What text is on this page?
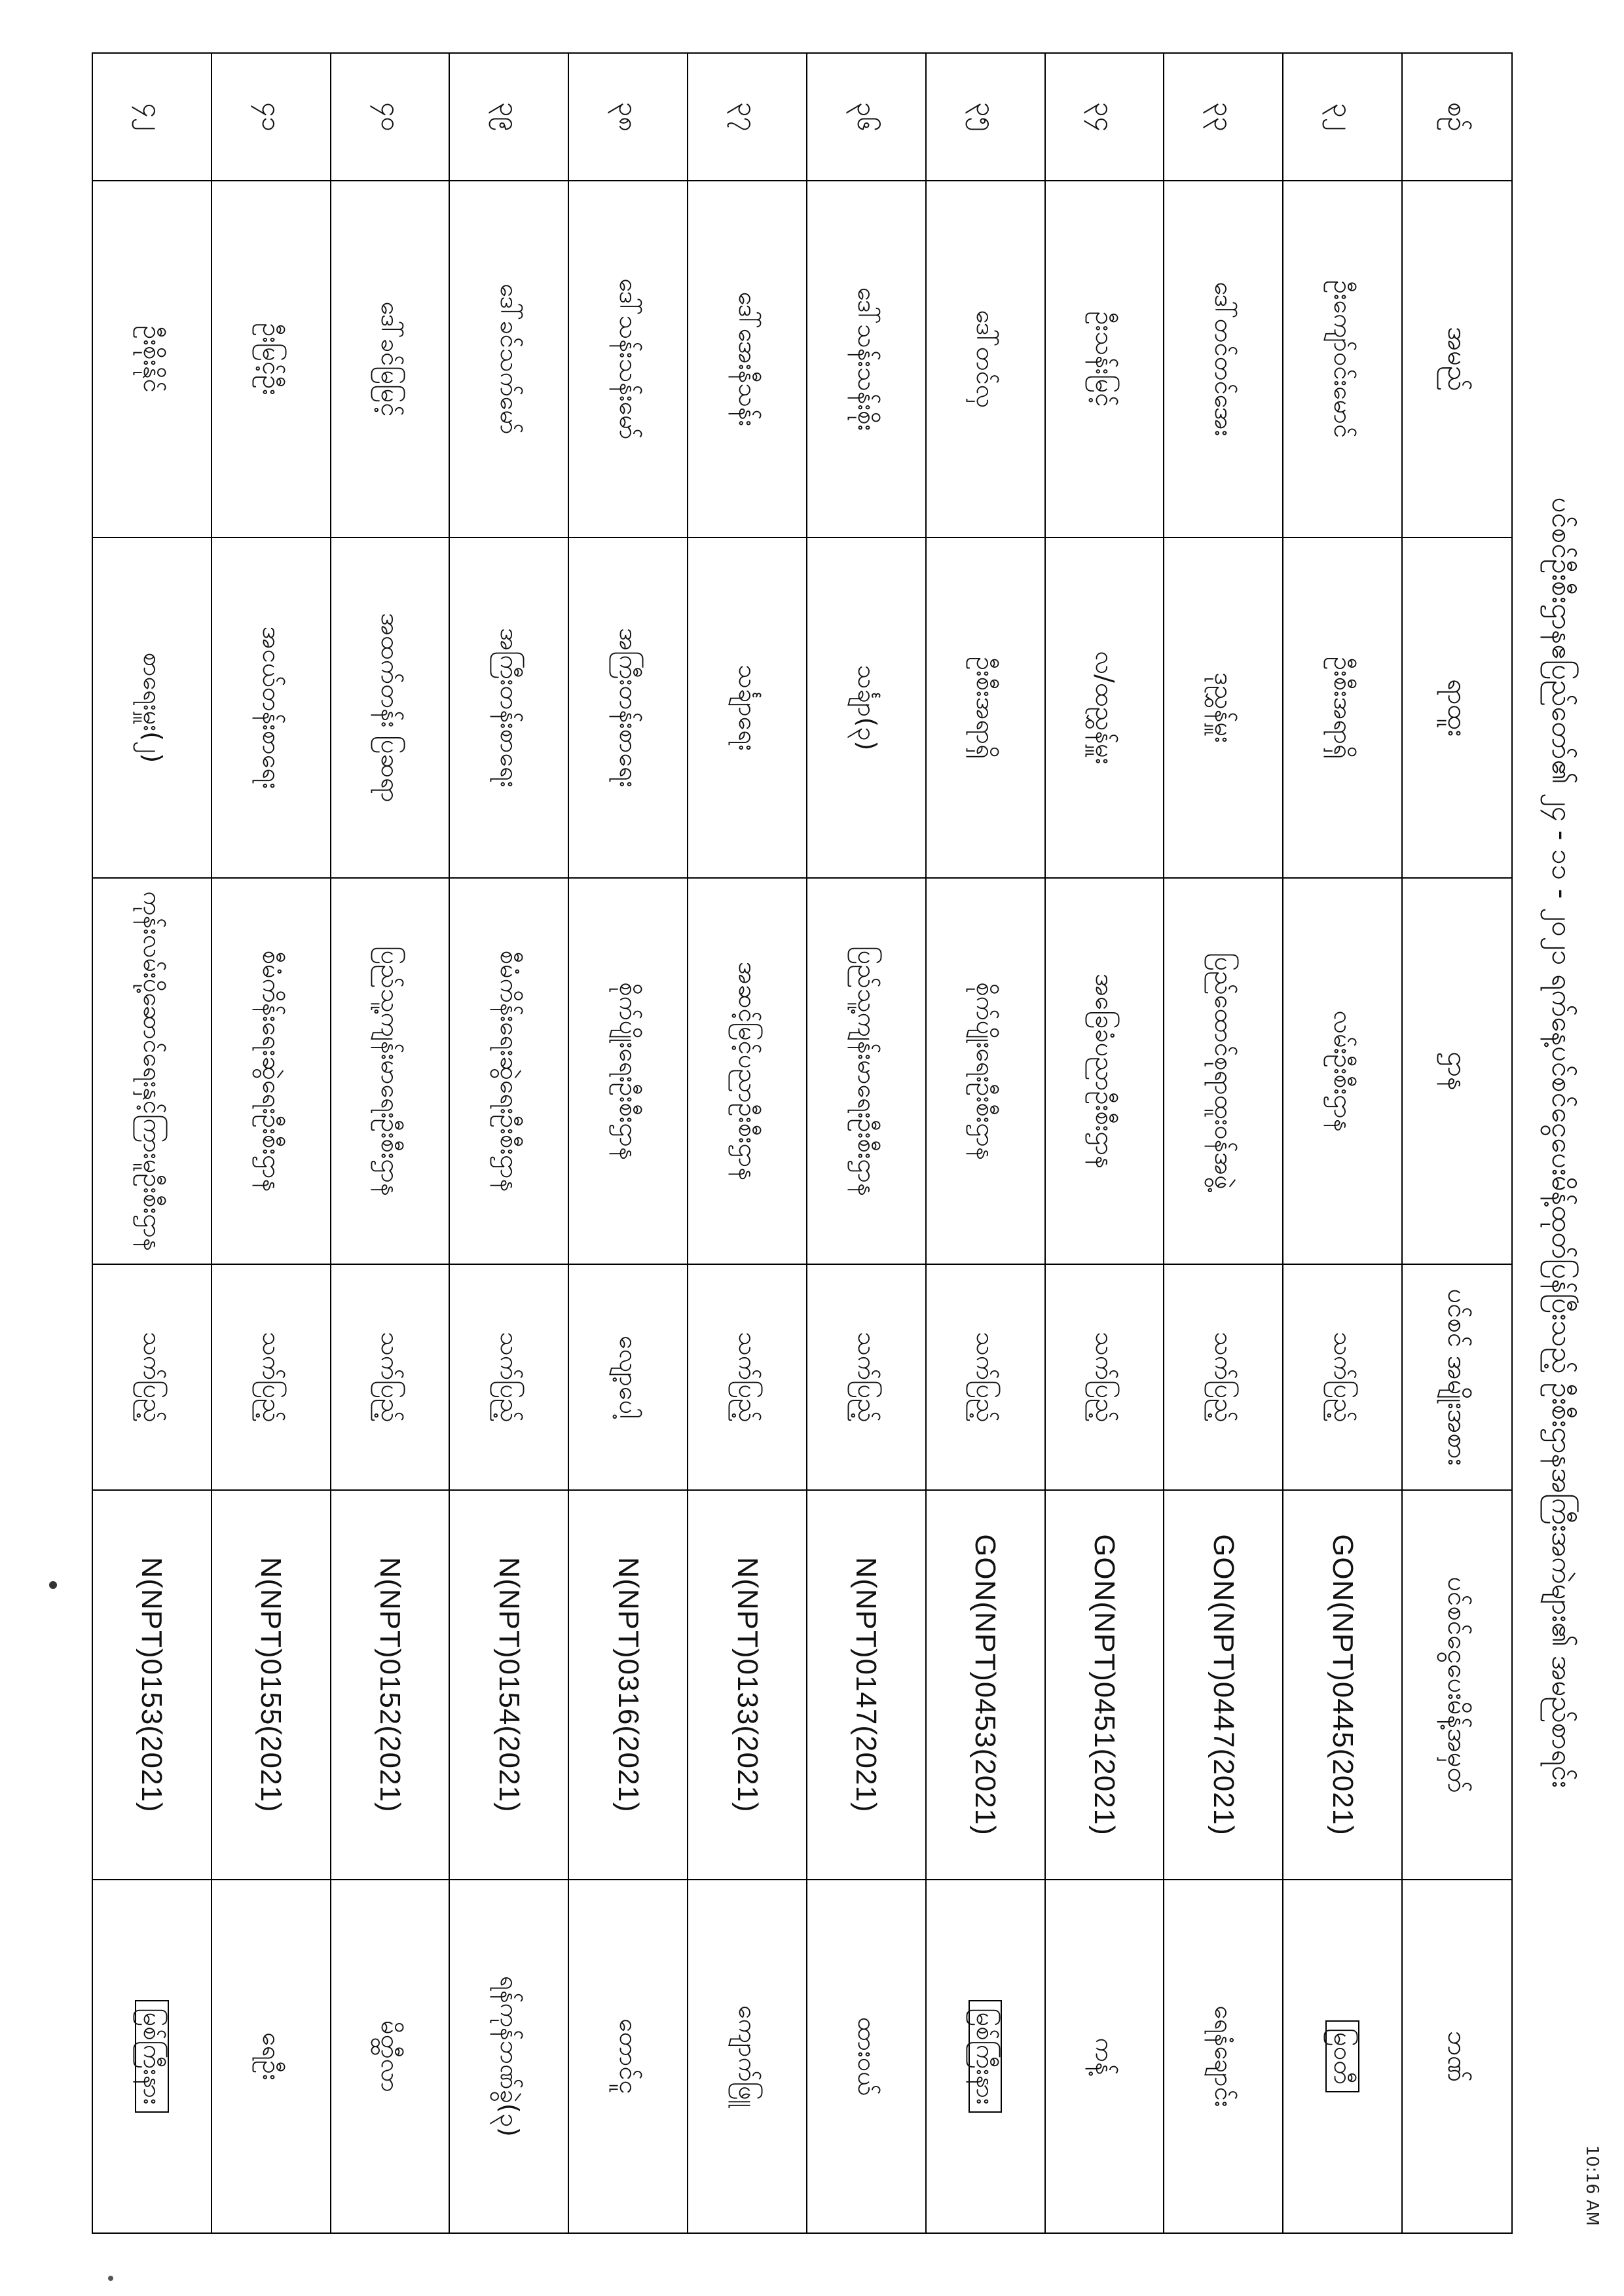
ပင်စင်ဦးစီးဌာနဧပြည်တော်၏ ၂၄ - ၁၁ - ၂၀၂၁ ရက်နေ့ပင်စင်ငွေပေးမိန့်ထုတ်ပြန်ပြီးသည့် ဦးစီးဌာနအကြီးအကဲများ၏ အမည်စာရင်း
10:16 AM
စဉ်	အမည်	ရာထူး	ဌာန	ပင်စင် အမျိုးအစား	ပင်စင်ငွေပေးမိန့်အမှတ်	ဘဏ်
၃၂	ဦးကျော်ဝင်းမောင်	ဦးစီးအရာရှိ	လမ်းဦးစီးဌာန	သက်ပြည့်	GON(NPT)0445(2021)	မြဝတီ
၃၃	ဒေါ်တင်တင်အေး	ဒုညွှန်မှူး	ပြည်ထောင်စုရာထူးဝန်အဖွဲ့	သက်ပြည့်	GON(NPT)0447(2021)	ရေနံချောင်း
၃၄	ဦးသန်းမြင့်	လ/ထညွှန်မှူး	အခြေခံပညာဦးစီးဌာန	သက်ပြည့်	GON(NPT)0451(2021)	ကန့်
၃၅	ဒေါ်တင်လှ	ဦးစီးအရာရှိ	စိုက်ပျိုးရေးဦးစီးဌာန	သက်ပြည့်	GON(NPT)0453(2021)	မြစ်ကြီးနား
၃၆	ဒေါ်သန်းသန်းစိုး	သင်္ချာ(၃)	ပြည်သူ့ကျန်းမာရေးဦးစီးဌာန	သက်ပြည့်	N(NPT)0147(2021)	ထားဝယ်
၃၇	ဒေါ်အေးနီသန်း	သင်္ချာရေး	အဆင့်မြင့်ပညာဦးစီးဌာန	သက်ပြည့်	N(NPT)0133(2021)	ကျောက်ဖြူ
၃၈	ဒေါ်သန်းသန်းမော်	အကြီးတန်းစာရေး	စိုက်ပျိုးရေးဦးစီးဌာန	လျော့ပေါ့	N(NPT)0316(2021)	တောင်ငူ
၃၉	ဒေါ်ခင်သက်မော်	အကြီးတန်းစာရေး	စီမံကိန်းရေးဆွဲရေးဦးစီးဌာန	သက်ပြည့်	N(NPT)0154(2021)	ရန်ကုန်ဘဏ်ခွဲ(၃)
၄၀	ဒေါ်ခင်မြမြင့်	အထက်တန်း ပြဆရာ	ပြည်သူ့ကျန်းမာရေးဦးစီးဌာန	သက်ပြည့်	N(NPT)0152(2021)	မိတ္ထီလာ
၄၁	ဦးမြင့်ဦး	အငယ်တန်းစာရေး	စီမံကိန်းရေးဆွဲရေးဦးစီးဌာန	သက်ပြည့်	N(NPT)0155(2021)	ရေဦး
၄၂	ဦးစိုးနိုင်	စာရေးမှူး(၂)	ကုန်းလမ်းပို့ဆောင်ရေးနှင့်ကြားမူဦးစီးဌာန	သက်ပြည့်	N(NPT)0153(2021)	မြစ်ကြီးနား
